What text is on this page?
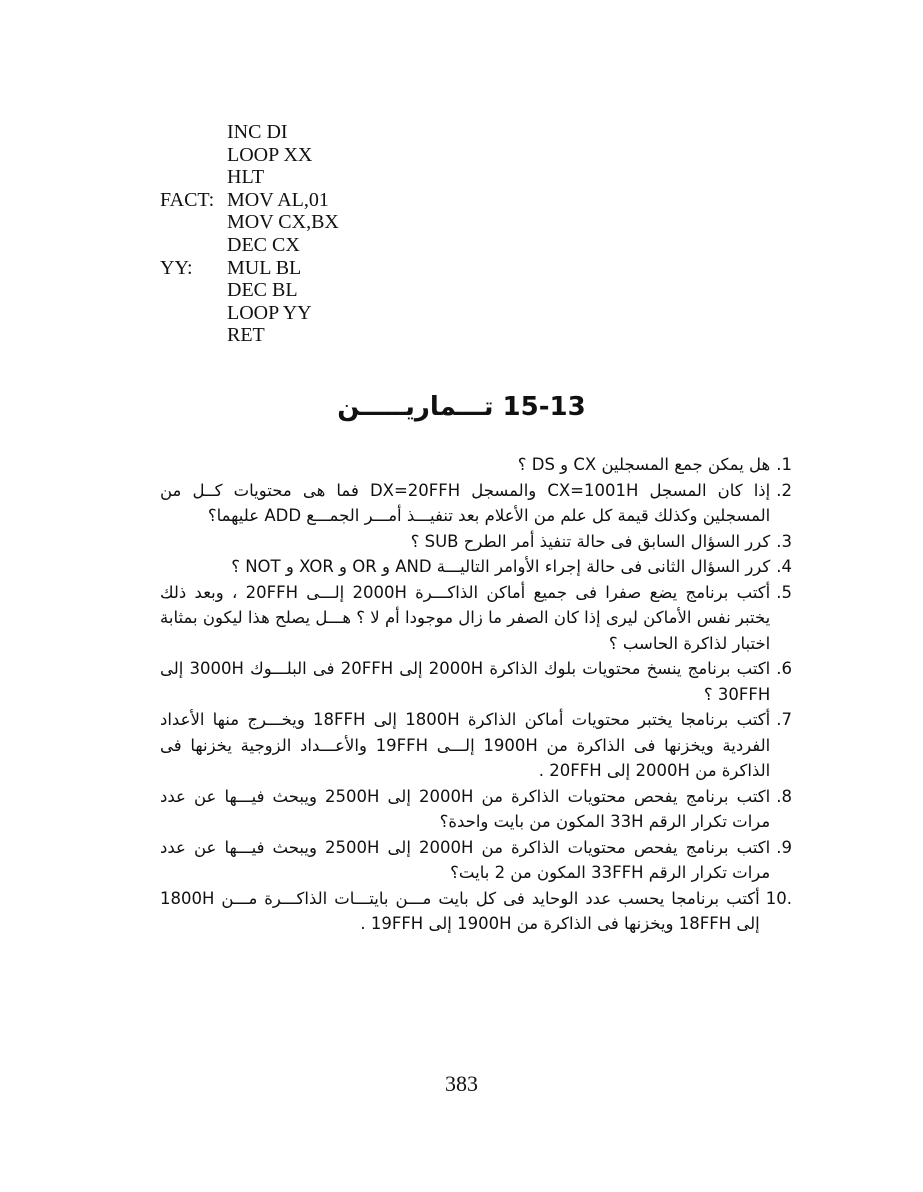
INC DI
LOOP XX
HLT
FACT: MOV AL,01
MOV CX,BX
DEC CX
YY:	MUL BL
DEC BL
LOOP YY
RET
15-13 تـــماريـــــن
.1
هل يمكن جمع المسجلين CX و DS ؟
.2
إذا كان المسجل CX=1001H والمسجل DX=20FFH فما هى محتويات كــل من المسجلين وكذلك قيمة كل علم من الأعلام بعد تنفيـــذ أمـــر الجمـــع ADD عليهما؟
.3
كرر السؤال السابق فى حالة تنفيذ أمر الطرح SUB ؟
.4
كرر السؤال الثانى فى حالة إجراء الأوامر التاليـــة AND و OR و XOR و NOT ؟
.5
أكتب برنامج يضع صفرا فى جميع أماكن الذاكـــرة 2000H إلـــى 20FFH ، وبعد ذلك يختبر نفس الأماكن ليرى إذا كان الصفر ما زال موجودا أم لا ؟ هـــل يصلح هذا ليكون بمثابة اختبار لذاكرة الحاسب ؟
.6
اكتب برنامج ينسخ محتويات بلوك الذاكرة 2000H إلى 20FFH فى البلـــوك 3000H إلى 30FFH ؟
.7
أكتب برنامجا يختبر محتويات أماكن الذاكرة 1800H إلى 18FFH ويخـــرج منها الأعداد الفردية ويخزنها فى الذاكرة من 1900H إلـــى 19FFH والأعـــداد الزوجية يخزنها فى الذاكرة من 2000H إلى 20FFH .
.8
اكتب برنامج يفحص محتويات الذاكرة من 2000H إلى 2500H ويبحث فيـــها عن عدد مرات تكرار الرقم 33H المكون من بايت واحدة؟
.9
اكتب برنامج يفحص محتويات الذاكرة من 2000H إلى 2500H ويبحث فيـــها عن عدد مرات تكرار الرقم 33FFH المكون من 2 بايت؟
10.
أكتب برنامجا يحسب عدد الوحايد فى كل بايت مـــن بايتـــات الذاكـــرة مـــن 1800H إلى 18FFH ويخزنها فى الذاكرة من 1900H إلى 19FFH .
383
